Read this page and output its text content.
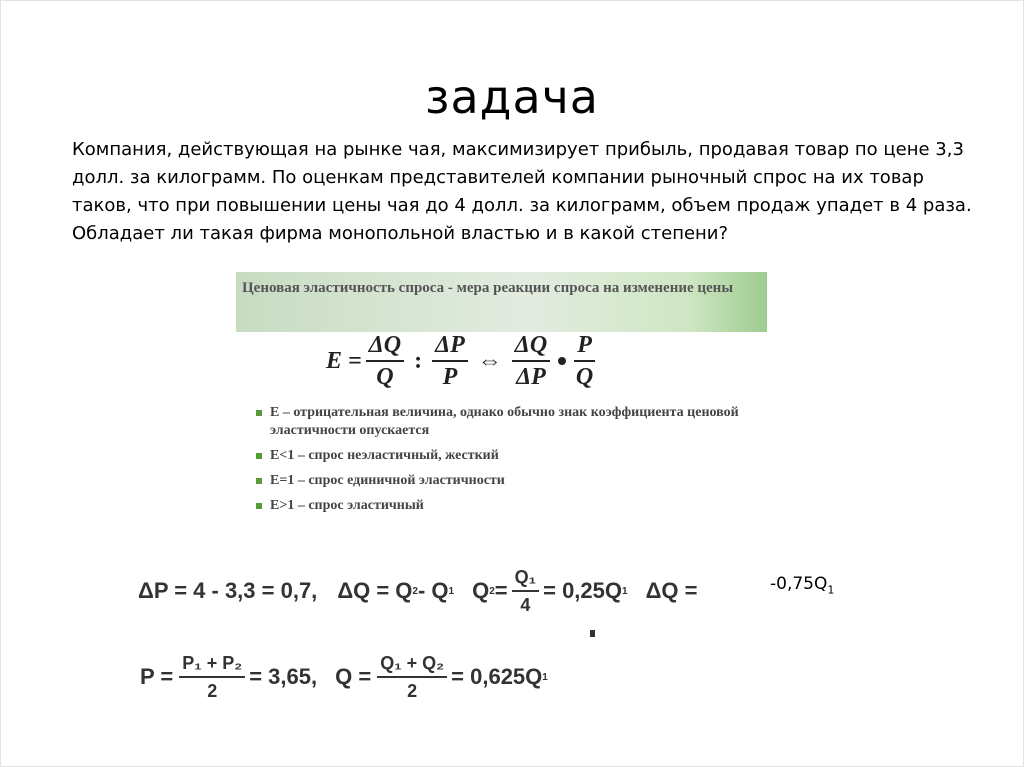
задача

Компания, действующая на рынке чая, максимизирует прибыль, продавая товар по цене 3,3 долл. за килограмм. По оценкам представителей компании рыночный спрос на их товар таков, что при повышении цены чая до 4 долл. за килограмм, объем продаж упадет в 4 раза. Обладает ли такая фирма монопольной властью и в какой степени?

Ценовая эластичность спроса - мера реакции спроса на изменение цены

$E = \frac{\Delta Q}{Q}$ : $\frac{\Delta P}{P}$ ⇔ $\frac{\Delta Q}{\Delta P} \frac{P}{Q}$
E – отрицательная величина, однако обычно знак коэффициента ценовой эластичности опускается
E<1 – спрос неэластичный, жесткий
E=1 – спрос единичной эластичности
E>1 – спрос эластичный
ΔP = 4 - 3,3 = 0,7, ΔQ = Q 2 - Q 1 Q $2 = \frac{\text{Q₁}}{4} = 0,25Q$ 1 ΔQ =	$-0,75Q_1$
$P = \frac{\text{P₁ + P₂}}{2} = 3,65$, $Q = \frac{\text{Q₁ + Q₂}}{2} = 0,625Q$ 1
